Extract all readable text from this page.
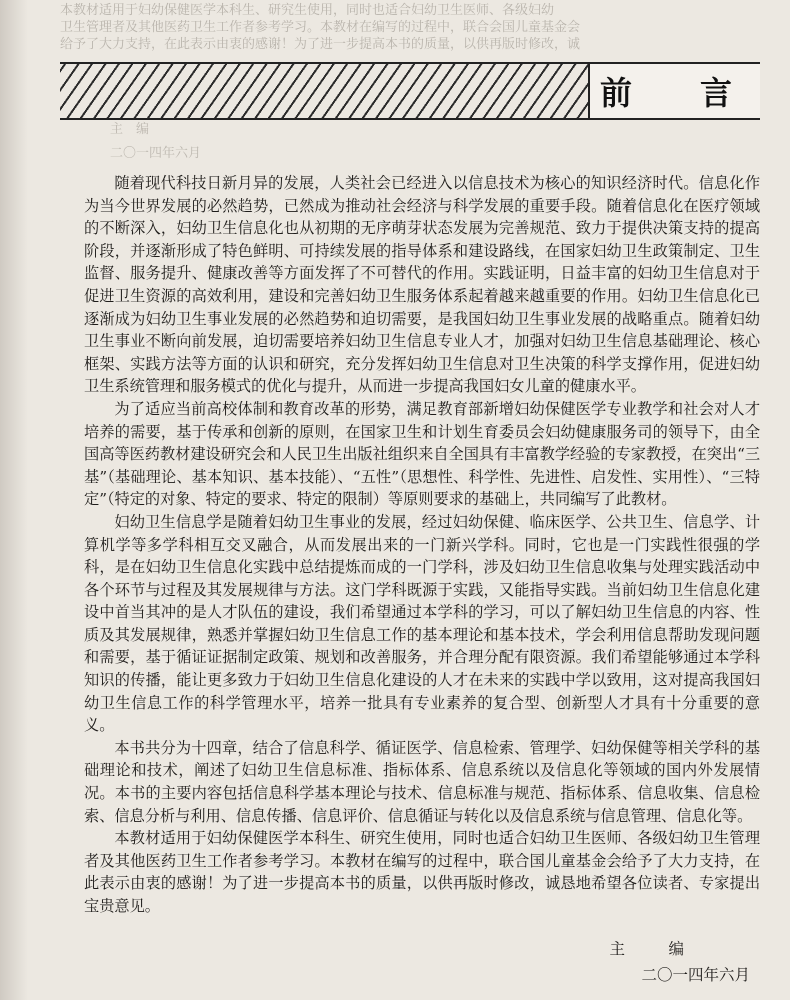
本教材适用于妇幼保健医学本科生、研究生使用，同时也适合妇幼卫生医师、各级妇幼
卫生管理者及其他医药卫生工作者参考学习。本教材在编写的过程中，联合会国儿童基金会
给予了大力支持，在此表示由衷的感谢！为了进一步提高本书的质量，以供再版时修改，诚
前　言
主　编
二〇一四年六月

随着现代科技日新月异的发展，人类社会已经进入以信息技术为核心的知识经济时代。信息化作为当今世界发展的必然趋势，已然成为推动社会经济与科学发展的重要手段。随着信息化在医疗领域的不断深入，妇幼卫生信息化也从初期的无序萌芽状态发展为完善规范、致力于提供决策支持的提高阶段，并逐渐形成了特色鲜明、可持续发展的指导体系和建设路线，在国家妇幼卫生政策制定、卫生监督、服务提升、健康改善等方面发挥了不可替代的作用。实践证明，日益丰富的妇幼卫生信息对于促进卫生资源的高效利用，建设和完善妇幼卫生服务体系起着越来越重要的作用。妇幼卫生信息化已逐渐成为妇幼卫生事业发展的必然趋势和迫切需要，是我国妇幼卫生事业发展的战略重点。随着妇幼卫生事业不断向前发展，迫切需要培养妇幼卫生信息专业人才，加强对妇幼卫生信息基础理论、核心框架、实践方法等方面的认识和研究，充分发挥妇幼卫生信息对卫生决策的科学支撑作用，促进妇幼卫生系统管理和服务模式的优化与提升，从而进一步提高我国妇女儿童的健康水平。

为了适应当前高校体制和教育改革的形势，满足教育部新增妇幼保健医学专业教学和社会对人才培养的需要，基于传承和创新的原则，在国家卫生和计划生育委员会妇幼健康服务司的领导下，由全国高等医药教材建设研究会和人民卫生出版社组织来自全国具有丰富教学经验的专家教授，在突出“三基”（基础理论、基本知识、基本技能）、“五性”（思想性、科学性、先进性、启发性、实用性）、“三特定”（特定的对象、特定的要求、特定的限制）等原则要求的基础上，共同编写了此教材。

妇幼卫生信息学是随着妇幼卫生事业的发展，经过妇幼保健、临床医学、公共卫生、信息学、计算机学等多学科相互交叉融合，从而发展出来的一门新兴学科。同时，它也是一门实践性很强的学科，是在妇幼卫生信息化实践中总结提炼而成的一门学科，涉及妇幼卫生信息收集与处理实践活动中各个环节与过程及其发展规律与方法。这门学科既源于实践，又能指导实践。当前妇幼卫生信息化建设中首当其冲的是人才队伍的建设，我们希望通过本学科的学习，可以了解妇幼卫生信息的内容、性质及其发展规律，熟悉并掌握妇幼卫生信息工作的基本理论和基本技术，学会利用信息帮助发现问题和需要，基于循证证据制定政策、规划和改善服务，并合理分配有限资源。我们希望能够通过本学科知识的传播，能让更多致力于妇幼卫生信息化建设的人才在未来的实践中学以致用，这对提高我国妇幼卫生信息工作的科学管理水平，培养一批具有专业素养的复合型、创新型人才具有十分重要的意义。

本书共分为十四章，结合了信息科学、循证医学、信息检索、管理学、妇幼保健等相关学科的基础理论和技术，阐述了妇幼卫生信息标准、指标体系、信息系统以及信息化等领域的国内外发展情况。本书的主要内容包括信息科学基本理论与技术、信息标准与规范、指标体系、信息收集、信息检索、信息分析与利用、信息传播、信息评价、信息循证与转化以及信息系统与信息管理、信息化等。

本教材适用于妇幼保健医学本科生、研究生使用，同时也适合妇幼卫生医师、各级妇幼卫生管理者及其他医药卫生工作者参考学习。本教材在编写的过程中，联合国儿童基金会给予了大力支持，在此表示由衷的感谢！为了进一步提高本书的质量，以供再版时修改，诚恳地希望各位读者、专家提出宝贵意见。

主　编
二〇一四年六月
